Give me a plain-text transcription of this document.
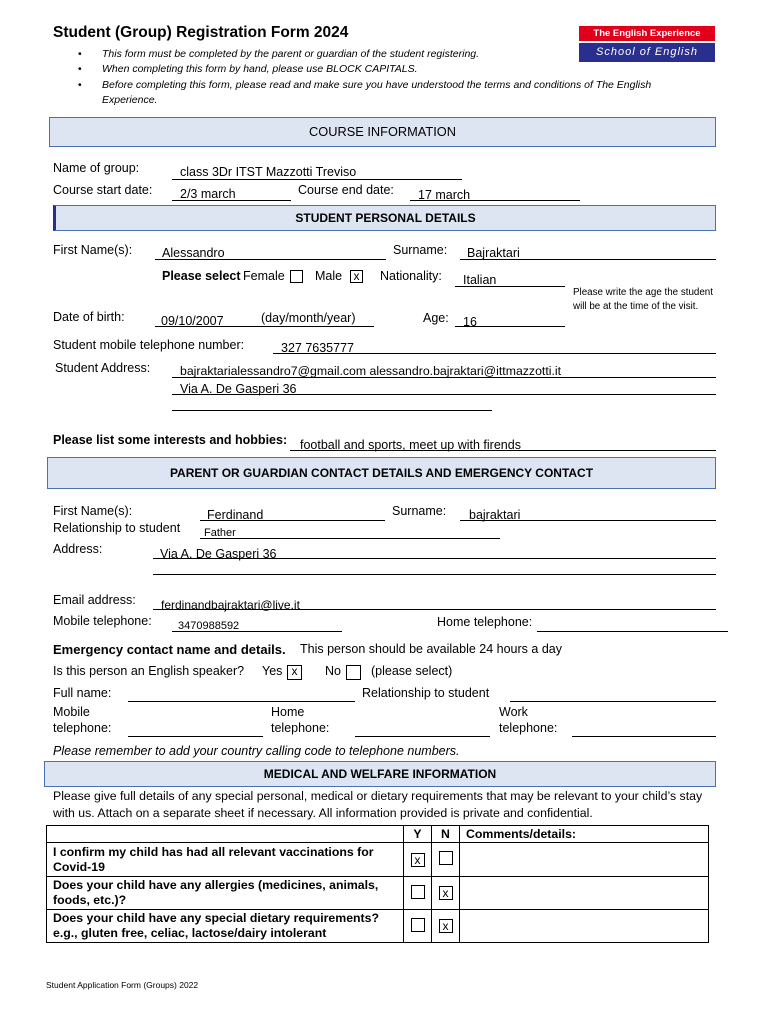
Student (Group) Registration Form 2024	The English Experience
School of English
• This form must be completed by the parent or guardian of the student registering.
• When completing this form by hand, please use BLOCK CAPITALS.
• Before completing this form, please read and make sure you have understood the terms and conditions of The English Experience.
COURSE INFORMATION
Name of group:	class 3Dr ITST Mazzotti Treviso
Course start date: 2/3 march	Course end date: 17 march
STUDENT PERSONAL DETAILS
First Name(s): Alessandro	Surname: Bajraktari
Please select Female Male x Nationality: Italian
Please write the age the student will be at the time of the visit.
Date of birth:	09/10/2007	(day/month/year)	Age: 16
Student mobile telephone number:	327 7635777
Student Address: bajraktarialessandro7@gmail.com alessandro.bajraktari@ittmazzotti.it
Via A. De Gasperi 36
Please list some interests and hobbies: football and sports, meet up with firends
PARENT OR GUARDIAN CONTACT DETAILS AND EMERGENCY CONTACT
First Name(s):	Ferdinand	Surname: bajraktari
Relationship to student Father
Address:	Via A. De Gasperi 36
Email address: ferdinandbajraktari@live.it
Mobile telephone: 3470988592	Home telephone:
Emergency contact name and details. This person should be available 24 hours a day
Is this person an English speaker? Yes x	No (please select)
Full name:	Relationship to student
Mobile
telephone:
Home
telephone:
Work
telephone:
Please remember to add your country calling code to telephone numbers.
MEDICAL AND WELFARE INFORMATION
Please give full details of any special personal, medical or dietary requirements that may be relevant to your child’s stay with us. Attach on a separate sheet if necessary. All information provided is private and confidential.
	Y	N	Comments/details:
I confirm my child has had all relevant vaccinations for Covid-19	x		
Does your child have any allergies (medicines, animals, foods, etc.)?		x	
Does your child have any special dietary requirements? e.g., gluten free, celiac, lactose/dairy intolerant		x	
Student Application Form (Groups) 2022
